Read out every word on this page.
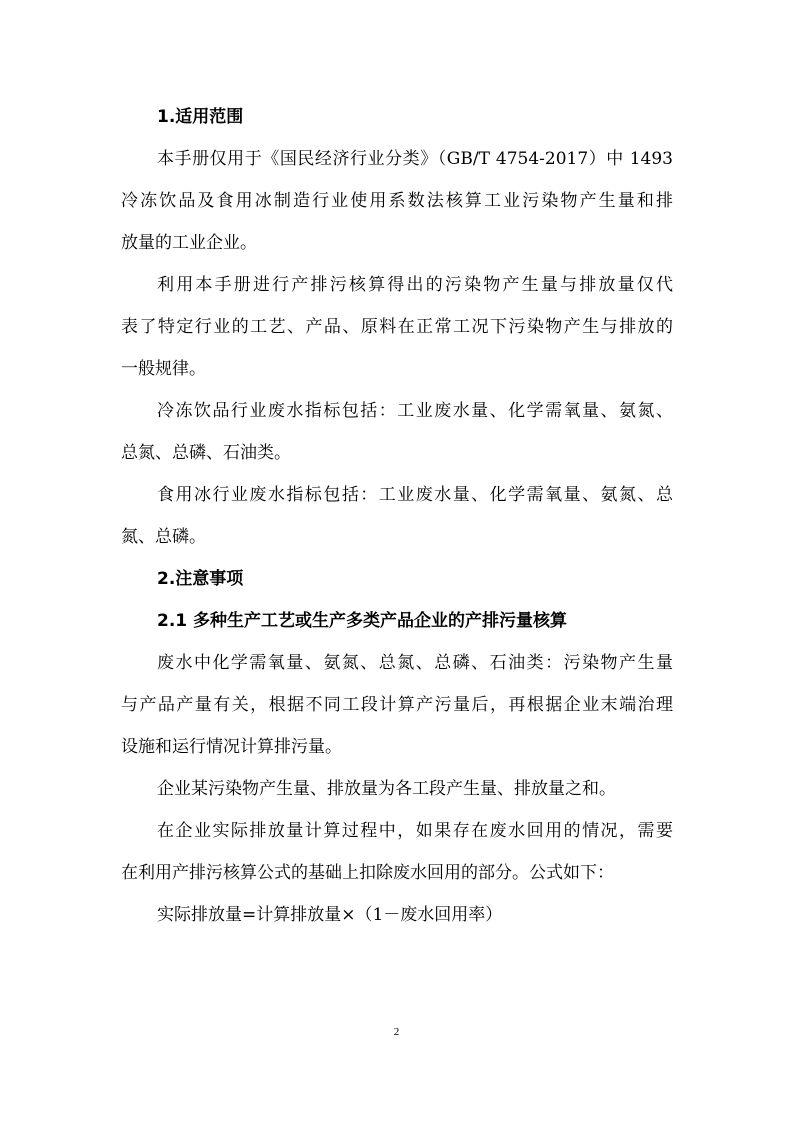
1.适用范围
本手册仅用于《国民经济行业分类》（GB/T 4754-2017）中 1493
冷冻饮品及食用冰制造行业使用系数法核算工业污染物产生量和排
放量的工业企业。
利用本手册进行产排污核算得出的污染物产生量与排放量仅代
表了特定行业的工艺、产品、原料在正常工况下污染物产生与排放的
一般规律。
冷冻饮品行业废水指标包括：工业废水量、化学需氧量、氨氮、
总氮、总磷、石油类。
食用冰行业废水指标包括：工业废水量、化学需氧量、氨氮、总
氮、总磷。
2.注意事项
2.1 多种生产工艺或生产多类产品企业的产排污量核算
废水中化学需氧量、氨氮、总氮、总磷、石油类：污染物产生量
与产品产量有关，根据不同工段计算产污量后，再根据企业末端治理
设施和运行情况计算排污量。
企业某污染物产生量、排放量为各工段产生量、排放量之和。
在企业实际排放量计算过程中，如果存在废水回用的情况，需要
在利用产排污核算公式的基础上扣除废水回用的部分。公式如下：
实际排放量=计算排放量×（1－废水回用率）
2
